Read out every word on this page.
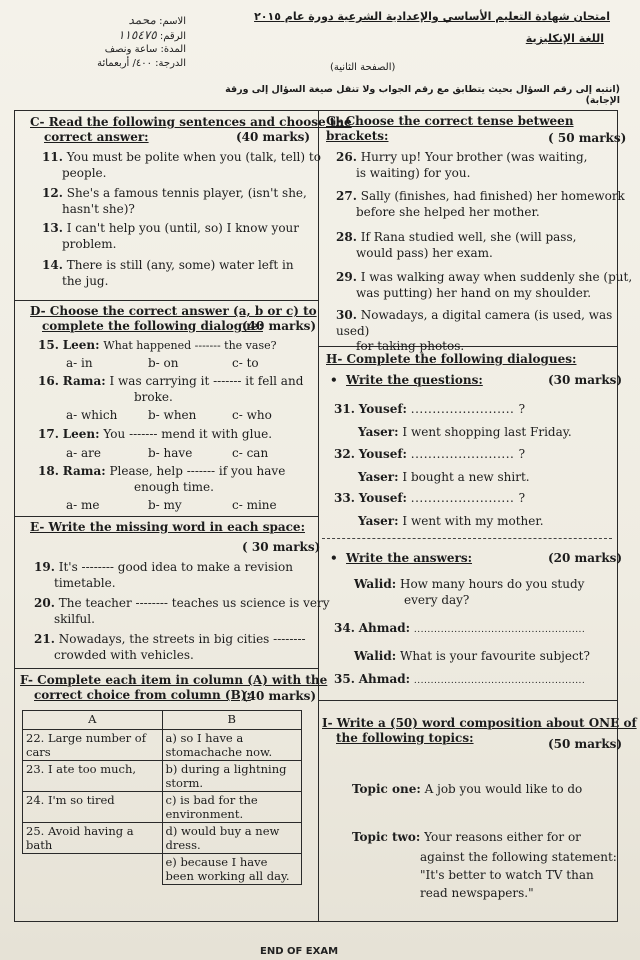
الاسم: محمد
الرقم: ١١٥٤٧٥
المدة: ساعة ونصف
الدرجة: ٤٠٠/ أربعمائة
امتحان شهادة التعليم الأساسي والإعدادية الشرعية دورة عام ٢٠١٥
اللغة الإنكليزية
(الصفحة الثانية)
(انتبه إلى رقم السؤال بحيث يتطابق مع رقم الجواب ولا تنقل صيغة السؤال إلى ورقة الإجابة)
C- Read the following sentences and choose the
correct answer:	(40 marks)
11. You must be polite when you (talk, tell) to
people.
12. She's a famous tennis player, (isn't she,
hasn't she)?
13. I can't help you (until, so) I know your
problem.
14. There is still (any, some) water left in
the jug.
D- Choose the correct answer (a, b or c) to
complete the following dialogue:
(40 marks)
15. Leen: What happened ------- the vase?
a- in	b- on	c- to
16. Rama: I was carrying it ------- it fell and
broke.
a- which	b- when	c- who
17. Leen: You ------- mend it with glue.
a- are	b- have	c- can
18. Rama: Please, help ------- if you have
enough time.
a- me	b- my	c- mine
E- Write the missing word in each space:
( 30 marks)
19. It's -------- good idea to make a revision
timetable.
20. The teacher -------- teaches us science is very
skilful.
21. Nowadays, the streets in big cities --------
crowded with vehicles.
F- Complete each item in column (A) with the
correct choice from column (B):
(40 marks)
A	B
22. Large number of cars	a) so I have a stomachache now.
23. I ate too much,	b) during a lightning storm.
24. I'm so tired	c) is bad for the environment.
25. Avoid having a bath	d) would buy a new dress.
	e) because I have been working all day.
G- Choose the correct tense between brackets:	( 50 marks)
26. Hurry up! Your brother (was waiting,
is waiting) for you.
27. Sally (finishes, had finished) her homework
before she helped her mother.
28. If Rana studied well, she (will pass,
would pass) her exam.
29. I was walking away when suddenly she (put,
was putting) her hand on my shoulder.
30. Nowadays, a digital camera (is used, was used)
for taking photos.
H- Complete the following dialogues:
•  Write the questions:	(30 marks)
31. Yousef: ........................ ?
Yaser: I went shopping last Friday.
32. Yousef: ........................ ?
Yaser: I bought a new shirt.
33. Yousef: ........................ ?
Yaser: I went with my mother.
•  Write the answers:	(20 marks)
Walid: How many hours do you study
every day?
34. Ahmad: ...................................................
Walid: What is your favourite subject?
35. Ahmad: ...................................................
I- Write a (50) word composition about ONE of
the following topics:	(50 marks)
Topic one: A job you would like to do
Topic two: Your reasons either for or
against the following statement:
"It's better to watch TV than
read newspapers."
END OF EXAM
